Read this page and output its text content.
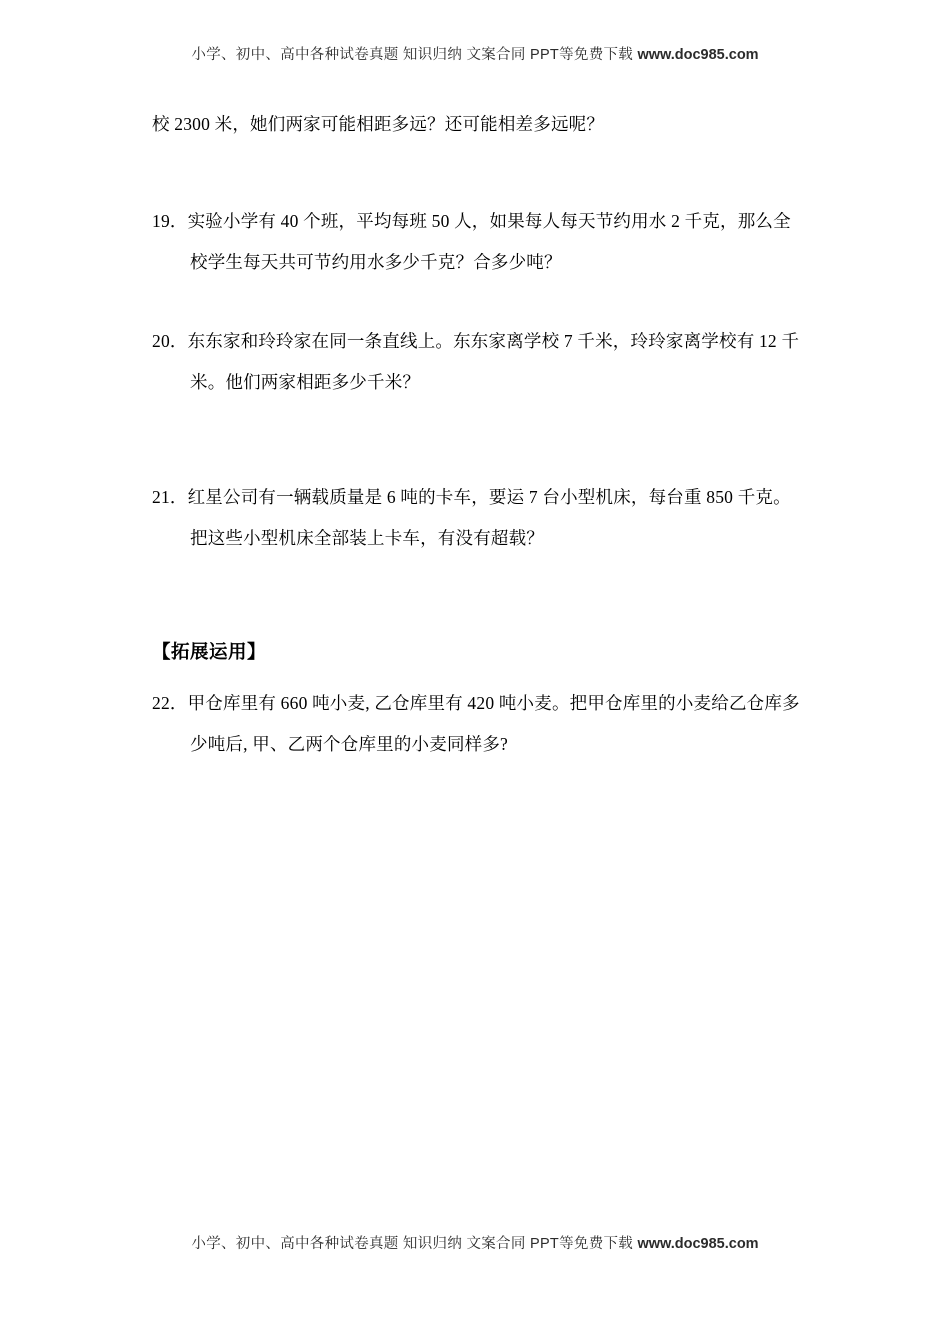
小学、初中、高中各种试卷真题 知识归纳 文案合同 PPT等免费下载 www.doc985.com

校 2300 米，她们两家可能相距多远？还可能相差多远呢？

19．实验小学有 40 个班，平均每班 50 人，如果每人每天节约用水 2 千克，那么全校学生每天共可节约用水多少千克？合多少吨？

20．东东家和玲玲家在同一条直线上。东东家离学校 7 千米，玲玲家离学校有 12 千米。他们两家相距多少千米？

21．红星公司有一辆载质量是 6 吨的卡车，要运 7 台小型机床，每台重 850 千克。把这些小型机床全部装上卡车，有没有超载？

【拓展运用】

22．甲仓库里有 660 吨小麦, 乙仓库里有 420 吨小麦。把甲仓库里的小麦给乙仓库多少吨后, 甲、乙两个仓库里的小麦同样多?

小学、初中、高中各种试卷真题 知识归纳 文案合同 PPT等免费下载 www.doc985.com
